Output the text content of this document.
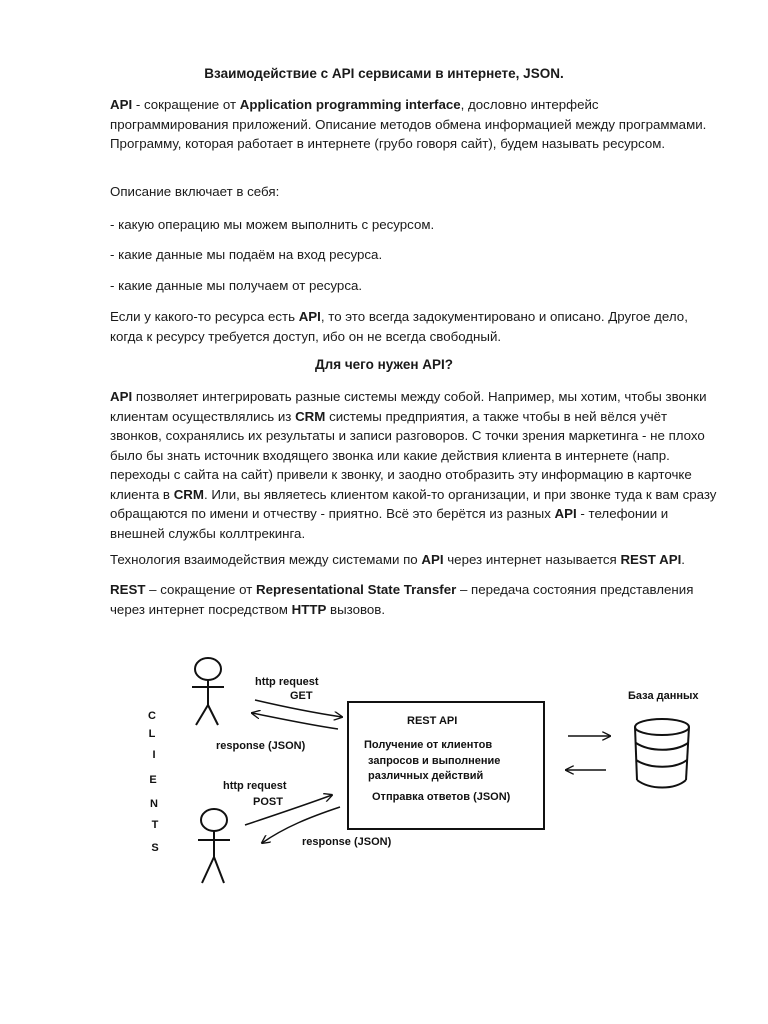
Взаимодействие с API сервисами в интернете, JSON.

API - сокращение от Application programming interface, дословно интерфейс программирования приложений. Описание методов обмена информацией между программами. Программу, которая работает в интернете (грубо говоря сайт), будем называть ресурсом.

Описание включает в себя:

- какую операцию мы можем выполнить с ресурсом.

- какие данные мы подаём на вход ресурса.

- какие данные мы получаем от ресурса.

Если у какого-то ресурса есть API, то это всегда задокументировано и описано. Другое дело, когда к ресурсу требуется доступ, ибо он не всегда свободный.

Для чего нужен API?

API позволяет интегрировать разные системы между собой. Например, мы хотим, чтобы звонки клиентам осуществлялись из CRM системы предприятия, а также чтобы в ней вёлся учёт звонков, сохранялись их результаты и записи разговоров. С точки зрения маркетинга - не плохо было бы знать источник входящего звонка или какие действия клиента в интернете (напр. переходы с сайта на сайт) привели к звонку, и заодно отобразить эту информацию в карточке клиента в CRM. Или, вы являетесь клиентом какой-то организации, и при звонке туда к вам сразу обращаются по имени и отчеству - приятно. Всё это берётся из разных API - телефонии и внешней службы коллтрекинга.

Технология взаимодействия между системами по API через интернет называется REST API.

REST – сокращение от Representational State Transfer – передача состояния представления через интернет посредством HTTP вызовов.

C
L
I
E
N
T
S
http request
GET
response (JSON)
http request
POST
response (JSON)
REST API
Получение от клиентов
запросов и выполнение
различных действий
Отправка ответов (JSON)
База данных
